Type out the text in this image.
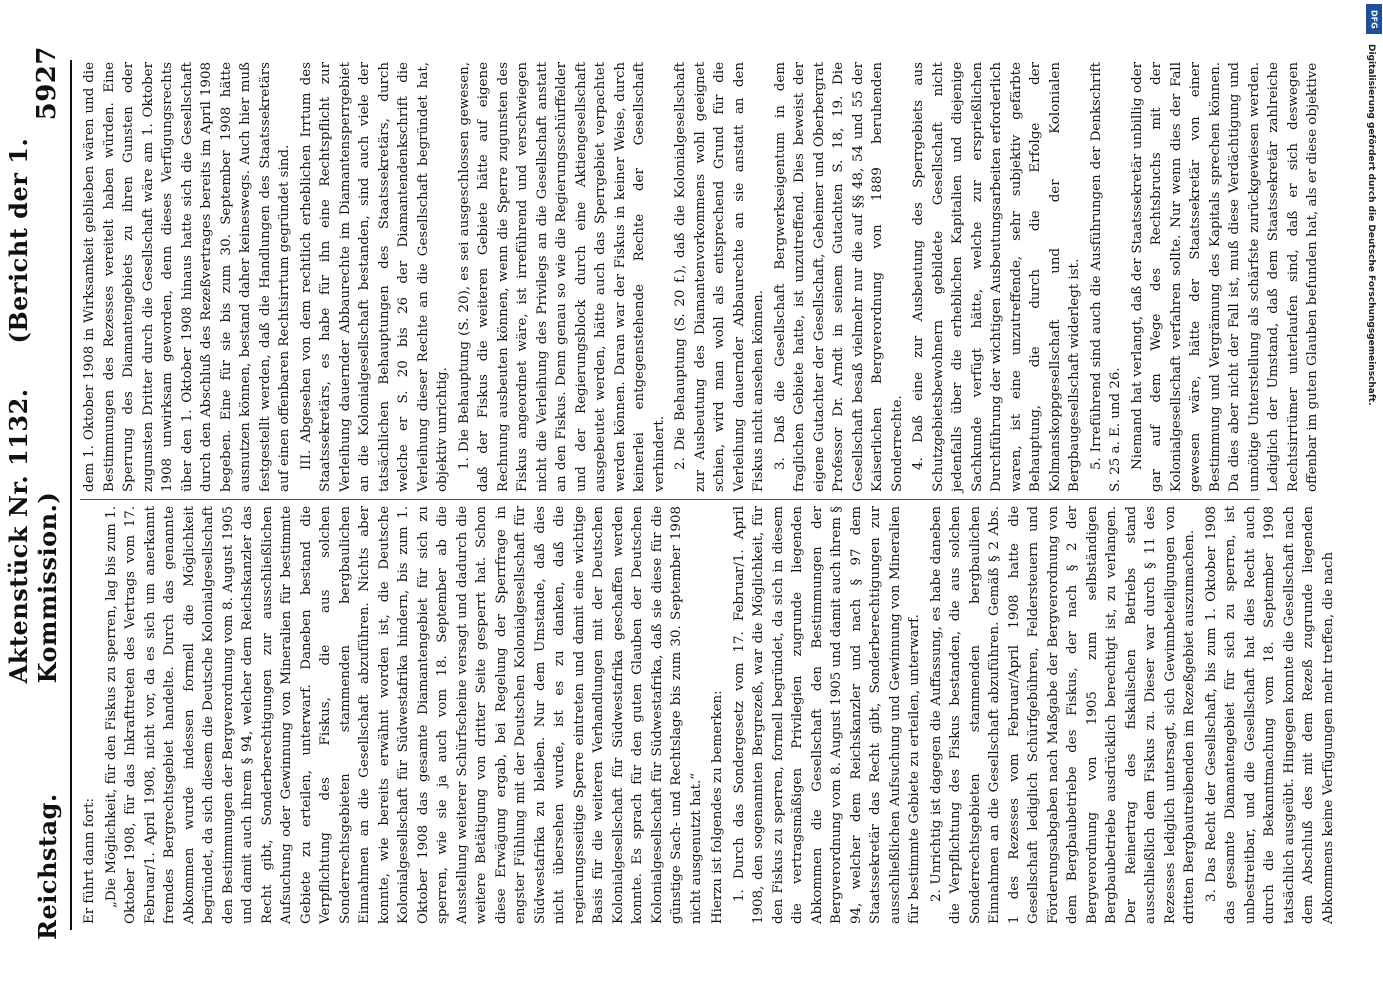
Reichstag.
Aktenstück Nr. 1132. (Bericht der 1. Kommission.)
5927

Er führt dann fort: „Die Möglichkeit, für den Fiskus zu sperren, lag bis zum 1. Oktober 1908, für das Inkrafttreten des Vertrags vom 17. Februar/1. April 1908, nicht vor, da es sich um anerkannt fremdes Bergrechtsgebiet handelte. Durch das genannte Abkommen wurde indessen formell die Möglichkeit begründet, da sich diesem die Deutsche Kolonialgesellschaft den Bestimmungen der Bergverordnung vom 8. August 1905 und damit auch ihrem § 94, welcher dem Reichskanzler das Recht gibt, Sonderberechtigungen zur ausschließlichen Aufsuchung oder Gewinnung von Mineralien für bestimmte Gebiete zu erteilen, unterwarf. Daneben bestand die Verpflichtung des Fiskus, die aus solchen Sonderrechtsgebieten stammenden bergbaulichen Einnahmen an die Gesellschaft abzuführen. Nichts aber konnte, wie bereits erwähnt worden ist, die Deutsche Kolonialgesellschaft für Südwestafrika hindern, bis zum 1. Oktober 1908 das gesamte Diamantengebiet für sich zu sperren, wie sie ja auch vom 18. September ab die Ausstellung weiterer Schürfscheine versagt und dadurch die weitere Betätigung von dritter Seite gesperrt hat. Schon diese Erwägung ergab, bei Regelung der Sperrfrage in engster Fühlung mit der Deutschen Kolonialgesellschaft für Südwestafrika zu bleiben. Nur dem Umstande, daß dies nicht übersehen wurde, ist es zu danken, daß die regierungsseitige Sperre eintreten und damit eine wichtige Basis für die weiteren Verhandlungen mit der Deutschen Kolonialgesellschaft für Südwestafrika geschaffen werden konnte. Es sprach für den guten Glauben der Deutschen Kolonialgesellschaft für Südwestafrika, daß sie diese für die günstige Sach- und Rechtslage bis zum 30. September 1908 nicht ausgenutzt hat.“ Hierzu ist folgendes zu bemerken: 1. Durch das Sondergesetz vom 17. Februar/1. April 1908, den sogenannten Bergrezeß, war die Möglichkeit, für den Fiskus zu sperren, formell begründet, da sich in diesem die vertragsmäßigen Privilegien zugrunde liegenden Abkommen die Gesellschaft den Bestimmungen der Bergverordnung vom 8. August 1905 und damit auch ihrem § 94, welcher dem Reichskanzler und nach § 97 dem Staatssekretär das Recht gibt, Sonderberechtigungen zur ausschließlichen Aufsuchung und Gewinnung von Mineralien für bestimmte Gebiete zu erteilen, unterwarf. 2. Unrichtig ist dagegen die Auffassung, es habe daneben die Verpflichtung des Fiskus bestanden, die aus solchen Sonderrechtsgebieten stammenden bergbaulichen Einnahmen an die Gesellschaft abzuführen. Gemäß § 2 Abs. 1 des Rezesses vom Februar/April 1908 hatte die Gesellschaft lediglich Schürfgebühren, Feldersteuern und Förderungsabgaben nach Maßgabe der Bergverordnung von dem Bergbaubetriebe des Fiskus, der nach § 2 der Bergverordnung von 1905 zum selbständigen Bergbaubetriebe ausdrücklich berechtigt ist, zu verlangen. Der Reinertrag des fiskalischen Betriebs stand ausschließlich dem Fiskus zu. Dieser war durch § 11 des Rezesses lediglich untersagt, sich Gewinnbeteiligungen von dritten Bergbautreibenden im Rezeßgebiet auszumachen. 3. Das Recht der Gesellschaft, bis zum 1. Oktober 1908 das gesamte Diamantengebiet für sich zu sperren, ist unbestreitbar, und die Gesellschaft hat dies Recht auch durch die Bekanntmachung vom 18. September 1908 tatsächlich ausgeübt. Hingegen konnte die Gesellschaft nach dem Abschluß des mit dem Rezeß zugrunde liegenden Abkommens keine Verfügungen mehr treffen, die nach

dem 1. Oktober 1908 in Wirksamkeit geblieben wären und die Bestimmungen des Rezesses vereitelt haben würden. Eine Sperrung des Diamantengebiets zu ihren Gunsten oder zugunsten Dritter durch die Gesellschaft wäre am 1. Oktober 1908 unwirksam geworden, denn dieses Verfügungsrechts über den 1. Oktober 1908 hinaus hatte sich die Gesellschaft durch den Abschluß des Rezeßvertrages bereits im April 1908 begeben. Eine für sie bis zum 30. September 1908 hätte ausnutzen können, bestand daher keineswegs. Auch hier muß festgestellt werden, daß die Handlungen des Staatssekretärs auf einen offenbaren Rechtsirrtum gegründet sind. III. Abgesehen von dem rechtlich erheblichen Irrtum des Staatssekretärs, es habe für ihn eine Rechtspflicht zur Verleihung dauernder Abbaurechte im Diamantensperrgebiet an die Kolonialgesellschaft bestanden, sind auch viele der tatsächlichen Behauptungen des Staatssekretärs, durch welche er S. 20 bis 26 der Diamantendenkschrift die Verleihung dieser Rechte an die Gesellschaft begründet hat, objektiv unrichtig. 1. Die Behauptung (S. 20), es sei ausgeschlossen gewesen, daß der Fiskus die weiteren Gebiete hätte auf eigene Rechnung ausbeuten können, wenn die Sperre zugunsten des Fiskus angeordnet wäre, ist irreführend und verschwiegen nicht die Verleihung des Privilegs an die Gesellschaft anstatt an den Fiskus. Denn genau so wie die Regierungsschürffelder und der Regierungsblock durch eine Aktiengesellschaft ausgebeutet werden, hätte auch das Sperrgebiet verpachtet werden können. Daran war der Fiskus in keiner Weise, durch keinerlei entgegenstehende Rechte der Gesellschaft verhindert. 2. Die Behauptung (S. 20 f.), daß die Kolonialgesellschaft zur Ausbeutung des Diamantenvorkommens wohl geeignet schien, wird man wohl als entsprechend Grund für die Verleihung dauernder Abbaurechte an sie anstatt an den Fiskus nicht ansehen können. 3. Daß die Gesellschaft Bergwerkseigentum in dem fraglichen Gebiete hatte, ist unzutreffend. Dies beweist der eigene Gutachter der Gesellschaft, Geheimer und Oberbergrat Professor Dr. Arndt in seinem Gutachten S. 18, 19. Die Gesellschaft besaß vielmehr nur die auf §§ 48, 54 und 55 der Kaiserlichen Bergverordnung von 1889 beruhenden Sonderrechte. 4. Daß eine zur Ausbeutung des Sperrgebiets aus Schutzgebietsbewohnern gebildete Gesellschaft nicht jedenfalls über die erheblichen Kapitalien und diejenige Sachkunde verfügt hätte, welche zur ersprießlichen Durchführung der wichtigen Ausbeutungsarbeiten erforderlich waren, ist eine unzutreffende, sehr subjektiv gefärbte Behauptung, die durch die Erfolge der Kolmanskoppgesellschaft und der Kolonialen Bergbaugesellschaft widerlegt ist. 5. Irreführend sind auch die Ausführungen der Denkschrift S. 25 a. E. und 26. Niemand hat verlangt, daß der Staatssekretär unbillig oder gar auf dem Wege des Rechtsbruchs mit der Kolonialgesellschaft verfahren sollte. Nur wenn dies der Fall gewesen wäre, hätte der Staatssekretär von einer Bestimmung und Vergrämung des Kapitals sprechen können. Da dies aber nicht der Fall ist, muß diese Verdächtigung und unnötige Unterstellung als schärfste zurückgewiesen werden. Lediglich der Umstand, daß dem Staatssekretär zahlreiche Rechtsirrtümer unterlaufen sind, daß er sich deswegen offenbar im guten Glauben befunden hat, als er diese objektive

DFG
Digitalisierung gefördert durch die Deutsche Forschungsgemeinschaft.
